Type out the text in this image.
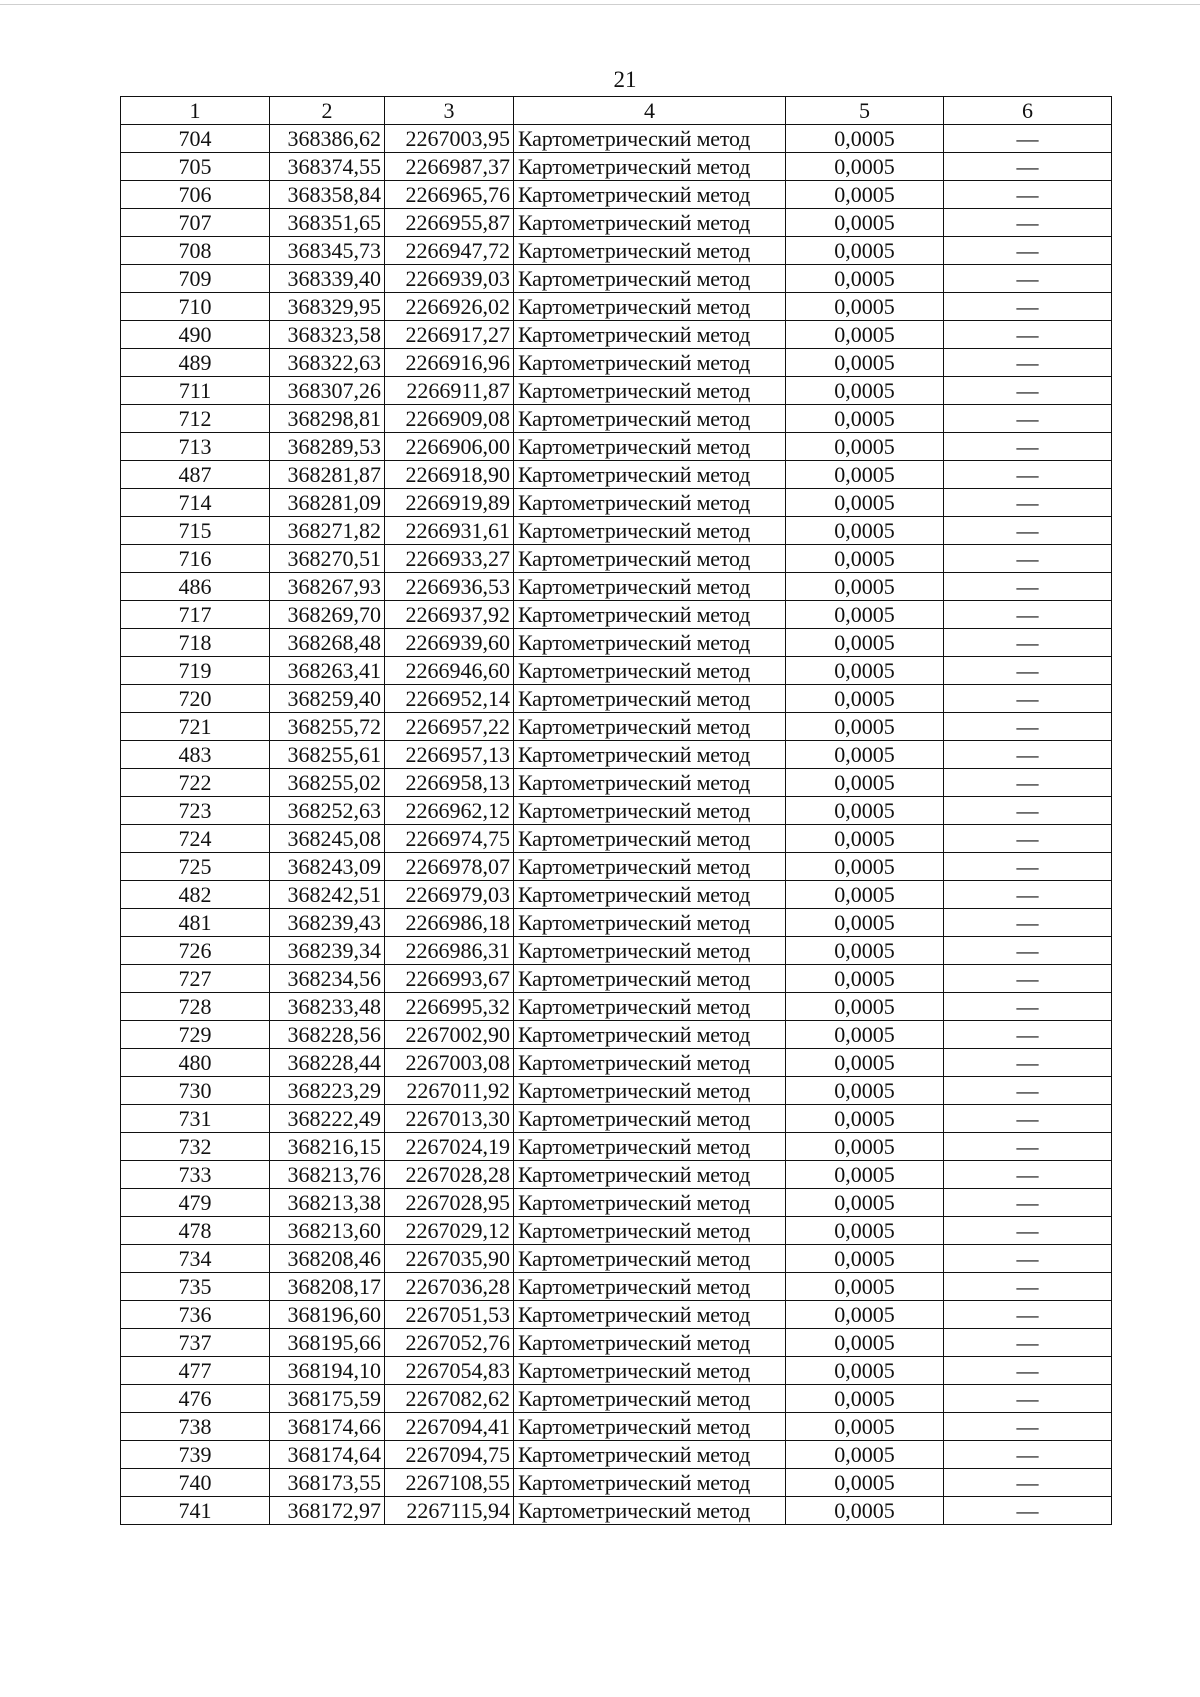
21
1	2	3	4	5	6
704	368386,62	2267003,95	Картометрический метод	0,0005	—
705	368374,55	2266987,37	Картометрический метод	0,0005	—
706	368358,84	2266965,76	Картометрический метод	0,0005	—
707	368351,65	2266955,87	Картометрический метод	0,0005	—
708	368345,73	2266947,72	Картометрический метод	0,0005	—
709	368339,40	2266939,03	Картометрический метод	0,0005	—
710	368329,95	2266926,02	Картометрический метод	0,0005	—
490	368323,58	2266917,27	Картометрический метод	0,0005	—
489	368322,63	2266916,96	Картометрический метод	0,0005	—
711	368307,26	2266911,87	Картометрический метод	0,0005	—
712	368298,81	2266909,08	Картометрический метод	0,0005	—
713	368289,53	2266906,00	Картометрический метод	0,0005	—
487	368281,87	2266918,90	Картометрический метод	0,0005	—
714	368281,09	2266919,89	Картометрический метод	0,0005	—
715	368271,82	2266931,61	Картометрический метод	0,0005	—
716	368270,51	2266933,27	Картометрический метод	0,0005	—
486	368267,93	2266936,53	Картометрический метод	0,0005	—
717	368269,70	2266937,92	Картометрический метод	0,0005	—
718	368268,48	2266939,60	Картометрический метод	0,0005	—
719	368263,41	2266946,60	Картометрический метод	0,0005	—
720	368259,40	2266952,14	Картометрический метод	0,0005	—
721	368255,72	2266957,22	Картометрический метод	0,0005	—
483	368255,61	2266957,13	Картометрический метод	0,0005	—
722	368255,02	2266958,13	Картометрический метод	0,0005	—
723	368252,63	2266962,12	Картометрический метод	0,0005	—
724	368245,08	2266974,75	Картометрический метод	0,0005	—
725	368243,09	2266978,07	Картометрический метод	0,0005	—
482	368242,51	2266979,03	Картометрический метод	0,0005	—
481	368239,43	2266986,18	Картометрический метод	0,0005	—
726	368239,34	2266986,31	Картометрический метод	0,0005	—
727	368234,56	2266993,67	Картометрический метод	0,0005	—
728	368233,48	2266995,32	Картометрический метод	0,0005	—
729	368228,56	2267002,90	Картометрический метод	0,0005	—
480	368228,44	2267003,08	Картометрический метод	0,0005	—
730	368223,29	2267011,92	Картометрический метод	0,0005	—
731	368222,49	2267013,30	Картометрический метод	0,0005	—
732	368216,15	2267024,19	Картометрический метод	0,0005	—
733	368213,76	2267028,28	Картометрический метод	0,0005	—
479	368213,38	2267028,95	Картометрический метод	0,0005	—
478	368213,60	2267029,12	Картометрический метод	0,0005	—
734	368208,46	2267035,90	Картометрический метод	0,0005	—
735	368208,17	2267036,28	Картометрический метод	0,0005	—
736	368196,60	2267051,53	Картометрический метод	0,0005	—
737	368195,66	2267052,76	Картометрический метод	0,0005	—
477	368194,10	2267054,83	Картометрический метод	0,0005	—
476	368175,59	2267082,62	Картометрический метод	0,0005	—
738	368174,66	2267094,41	Картометрический метод	0,0005	—
739	368174,64	2267094,75	Картометрический метод	0,0005	—
740	368173,55	2267108,55	Картометрический метод	0,0005	—
741	368172,97	2267115,94	Картометрический метод	0,0005	—
